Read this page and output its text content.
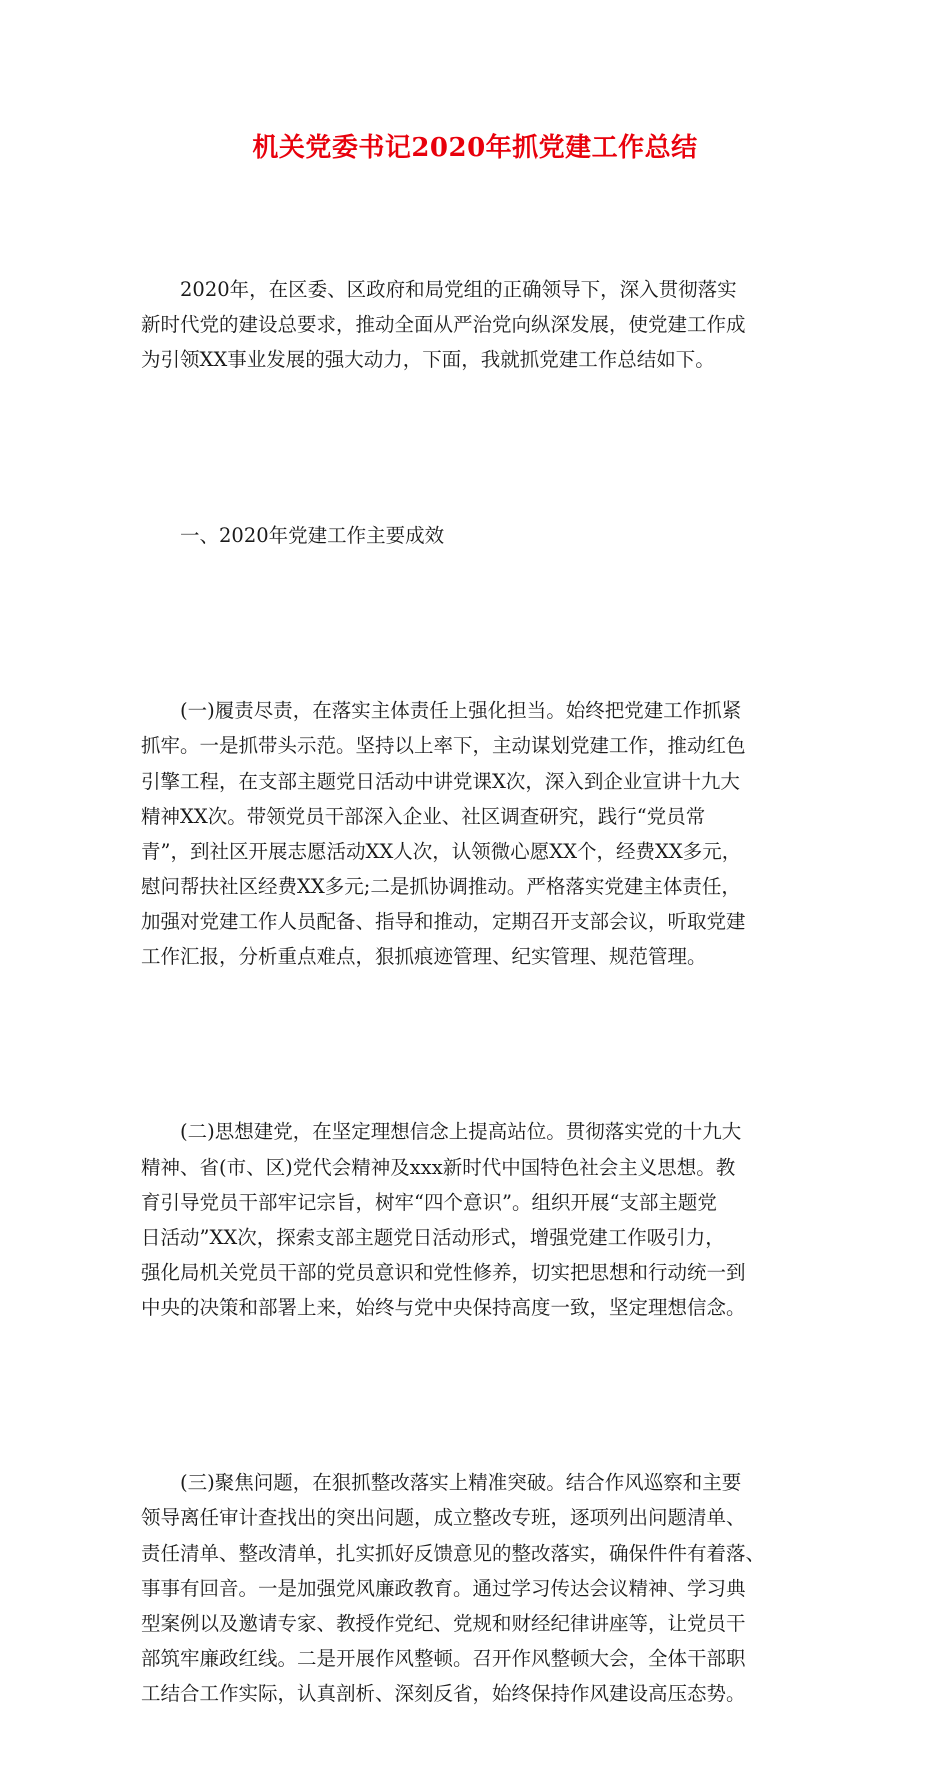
机关党委书记2020年抓党建工作总结

2020年，在区委、区政府和局党组的正确领导下，深入贯彻落实
新时代党的建设总要求，推动全面从严治党向纵深发展，使党建工作成
为引领XX事业发展的强大动力，下面，我就抓党建工作总结如下。

一、2020年党建工作主要成效

(一)履责尽责，在落实主体责任上强化担当。始终把党建工作抓紧
抓牢。一是抓带头示范。坚持以上率下，主动谋划党建工作，推动红色
引擎工程，在支部主题党日活动中讲党课X次，深入到企业宣讲十九大
精神XX次。带领党员干部深入企业、社区调查研究，践行“党员常
青”，到社区开展志愿活动XX人次，认领微心愿XX个，经费XX多元，
慰问帮扶社区经费XX多元;二是抓协调推动。严格落实党建主体责任，
加强对党建工作人员配备、指导和推动，定期召开支部会议，听取党建
工作汇报，分析重点难点，狠抓痕迹管理、纪实管理、规范管理。

(二)思想建党，在坚定理想信念上提高站位。贯彻落实党的十九大
精神、省(市、区)党代会精神及xxx新时代中国特色社会主义思想。教
育引导党员干部牢记宗旨，树牢“四个意识”。组织开展“支部主题党
日活动”XX次，探索支部主题党日活动形式，增强党建工作吸引力，
强化局机关党员干部的党员意识和党性修养，切实把思想和行动统一到
中央的决策和部署上来，始终与党中央保持高度一致，坚定理想信念。

(三)聚焦问题，在狠抓整改落实上精准突破。结合作风巡察和主要
领导离任审计查找出的突出问题，成立整改专班，逐项列出问题清单、
责任清单、整改清单，扎实抓好反馈意见的整改落实，确保件件有着落、
事事有回音。一是加强党风廉政教育。通过学习传达会议精神、学习典
型案例以及邀请专家、教授作党纪、党规和财经纪律讲座等，让党员干
部筑牢廉政红线。二是开展作风整顿。召开作风整顿大会，全体干部职
工结合工作实际，认真剖析、深刻反省，始终保持作风建设高压态势。
